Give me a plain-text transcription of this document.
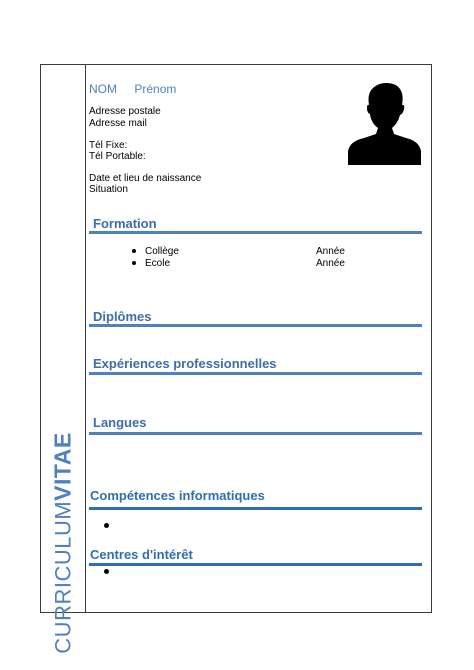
CURRICULUMVITAE
NOM Prénom
Adresse postale
Adresse mail
Tél Fixe:
Tél Portable:
Date et lieu de naissance
Situation
Formation
Collège	Année
Ecole	Année
Diplômes
Expériences professionnelles
Langues
Compétences informatiques
Centres d'intérêt
